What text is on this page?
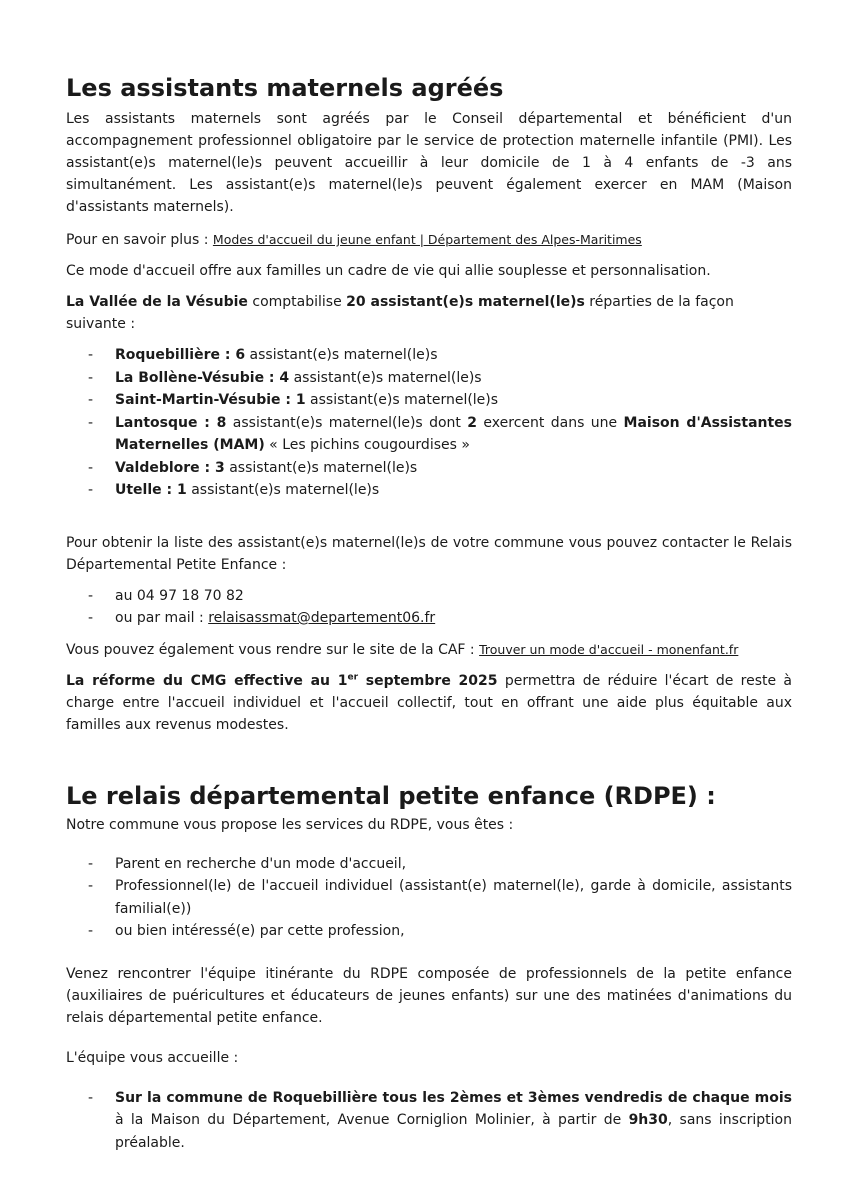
Les assistants maternels agréés

Les assistants maternels sont agréés par le Conseil départemental et bénéficient d'un accompagnement professionnel obligatoire par le service de protection maternelle infantile (PMI). Les assistant(e)s maternel(le)s peuvent accueillir à leur domicile de 1 à 4 enfants de -3 ans simultanément. Les assistant(e)s maternel(le)s peuvent également exercer en MAM (Maison d'assistants maternels).

Pour en savoir plus : Modes d'accueil du jeune enfant | Département des Alpes-Maritimes

Ce mode d'accueil offre aux familles un cadre de vie qui allie souplesse et personnalisation.

La Vallée de la Vésubie comptabilise 20 assistant(e)s maternel(le)s réparties de la façon suivante :

- Roquebillière : 6 assistant(e)s maternel(le)s
- La Bollène-Vésubie : 4 assistant(e)s maternel(le)s
- Saint-Martin-Vésubie : 1 assistant(e)s maternel(le)s
- Lantosque : 8 assistant(e)s maternel(le)s dont 2 exercent dans une Maison d'Assistantes Maternelles (MAM) « Les pichins cougourdises »
- Valdeblore : 3 assistant(e)s maternel(le)s
- Utelle : 1 assistant(e)s maternel(le)s

Pour obtenir la liste des assistant(e)s maternel(le)s de votre commune vous pouvez contacter le Relais Départemental Petite Enfance :

- au 04 97 18 70 82
- ou par mail : relaisassmat@departement06.fr

Vous pouvez également vous rendre sur le site de la CAF : Trouver un mode d'accueil - monenfant.fr

La réforme du CMG effective au 1er septembre 2025 permettra de réduire l'écart de reste à charge entre l'accueil individuel et l'accueil collectif, tout en offrant une aide plus équitable aux familles aux revenus modestes.

Le relais départemental petite enfance (RDPE) :

Notre commune vous propose les services du RDPE, vous êtes :

- Parent en recherche d'un mode d'accueil,
- Professionnel(le) de l'accueil individuel (assistant(e) maternel(le), garde à domicile, assistants familial(e))
- ou bien intéressé(e) par cette profession,

Venez rencontrer l'équipe itinérante du RDPE composée de professionnels de la petite enfance (auxiliaires de puéricultures et éducateurs de jeunes enfants) sur une des matinées d'animations du relais départemental petite enfance.

L'équipe vous accueille :

- Sur la commune de Roquebillière tous les 2èmes et 3èmes vendredis de chaque mois à la Maison du Département, Avenue Corniglion Molinier, à partir de 9h30, sans inscription préalable.
